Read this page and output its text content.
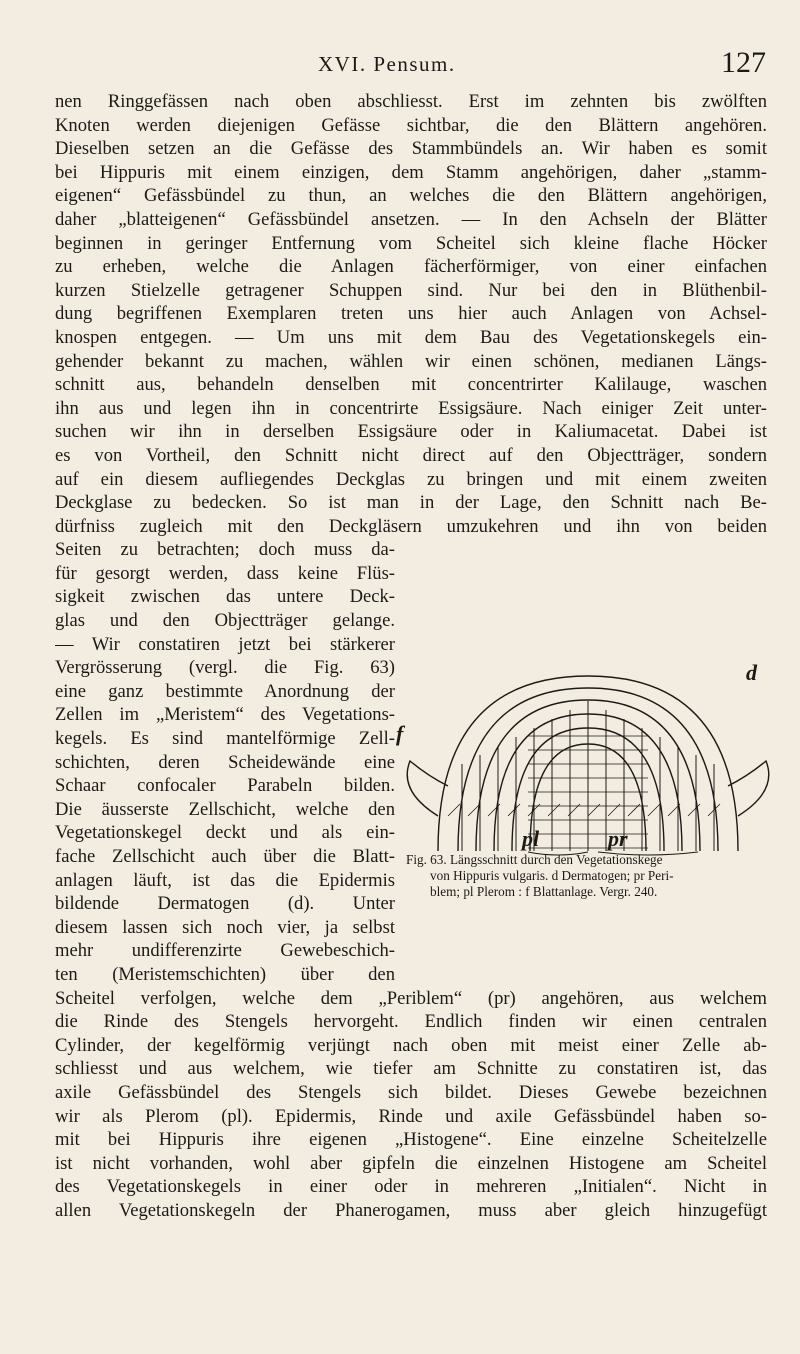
XVI. Pensum.	127
nen Ringgefässen nach oben abschliesst. Erst im zehnten bis zwölften
Knoten werden diejenigen Gefässe sichtbar, die den Blättern angehören.
Dieselben setzen an die Gefässe des Stammbündels an. Wir haben es somit
bei Hippuris mit einem einzigen, dem Stamm angehörigen, daher „stamm-
eigenen“ Gefässbündel zu thun, an welches die den Blättern angehörigen,
daher „blatteigenen“ Gefässbündel ansetzen. — In den Achseln der Blätter
beginnen in geringer Entfernung vom Scheitel sich kleine flache Höcker
zu erheben, welche die Anlagen fächerförmiger, von einer einfachen
kurzen Stielzelle getragener Schuppen sind. Nur bei den in Blüthenbil-
dung begriffenen Exemplaren treten uns hier auch Anlagen von Achsel-
knospen entgegen. — Um uns mit dem Bau des Vegetationskegels ein-
gehender bekannt zu machen, wählen wir einen schönen, medianen Längs-
schnitt aus, behandeln denselben mit concentrirter Kalilauge, waschen
ihn aus und legen ihn in concentrirte Essigsäure. Nach einiger Zeit unter-
suchen wir ihn in derselben Essigsäure oder in Kaliumacetat. Dabei ist
es von Vortheil, den Schnitt nicht direct auf den Objectträger, sondern
auf ein diesem aufliegendes Deckglas zu bringen und mit einem zweiten
Deckglase zu bedecken. So ist man in der Lage, den Schnitt nach Be-
dürfniss zugleich mit den Deckgläsern umzukehren und ihn von beiden
Seiten zu betrachten; doch muss da-
für gesorgt werden, dass keine Flüs-
sigkeit zwischen das untere Deck-
glas und den Objectträger gelange.
— Wir constatiren jetzt bei stärkerer
Vergrösserung (vergl. die Fig. 63)
eine ganz bestimmte Anordnung der
Zellen im „Meristem“ des Vegetations-
kegels. Es sind mantelförmige Zell-
schichten, deren Scheidewände eine
Schaar confocaler Parabeln bilden.
Die äusserste Zellschicht, welche den
Vegetationskegel deckt und als ein-
fache Zellschicht auch über die Blatt-
anlagen läuft, ist das die Epidermis
bildende Dermatogen (d). Unter
diesem lassen sich noch vier, ja selbst
mehr undifferenzirte Gewebeschich-
ten (Meristemschichten) über den
Scheitel verfolgen, welche dem „Periblem“ (pr) angehören, aus welchem
die Rinde des Stengels hervorgeht. Endlich finden wir einen centralen
Cylinder, der kegelförmig verjüngt nach oben mit meist einer Zelle ab-
schliesst und aus welchem, wie tiefer am Schnitte zu constatiren ist, das
axile Gefässbündel des Stengels sich bildet. Dieses Gewebe bezeichnen
wir als Plerom (pl). Epidermis, Rinde und axile Gefässbündel haben so-
mit bei Hippuris ihre eigenen „Histogene“. Eine einzelne Scheitelzelle
ist nicht vorhanden, wohl aber gipfeln die einzelnen Histogene am Scheitel
des Vegetationskegels in einer oder in mehreren „Initialen“. Nicht in
allen Vegetationskegeln der Phanerogamen, muss aber gleich hinzugefügt
d
f
pl	pr
Fig. 63. Längsschnitt durch den Vegetationskege
von Hippuris vulgaris. d Dermatogen; pr Peri-
blem; pl Plerom : f Blattanlage. Vergr. 240.
